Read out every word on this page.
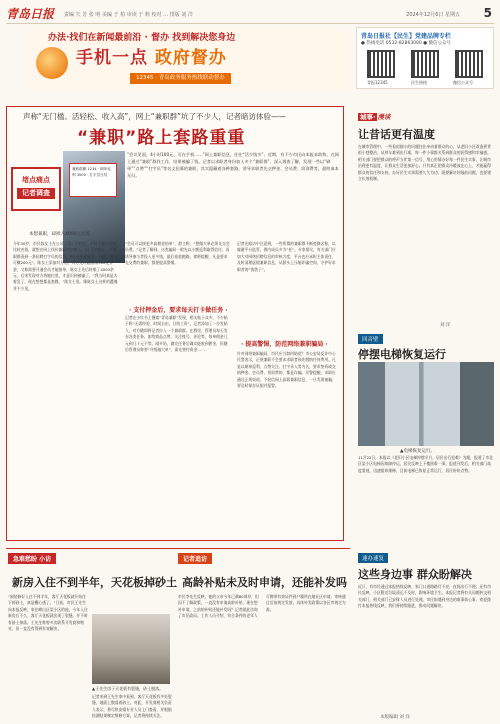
青岛日报 责编 矢 芳 张 明 美编 于 柏 审读 于 莉 校对 … 排版 刘 洋	2024年12月6日 星期五 5
办法·找们在新闻最前沿 · 督办 找到解决您身边
手机一点 政府督办
12345 · 青岛政务服务热线联动督办
青岛日报社【民生】党建品牌专栏
● 热线电话 0532-82863000 ● 微信公众号
青报12345	民生热线	微信公众号
声称“无门槛、活轻松、收入高”，网上“兼职群”坑了不少人，记者暗访体验——
“兼职”路上套路重重
兼职群聊 1234 · 刷单返利 3000 · 打字员日结
堵点痛点
记者调查
“会议见面，4小时100元，可在手机……”网上兼职信息，往往“活少钱多”。近期，有不少市民向本报求助称，在网上通过“兼职”群找工作，结果被骗了钱。记者以求职者身份加入多个“兼职群”，深入调查了解，发现一些以“刷单”“点赞”“打字员”等名义招募的兼职，其实隐藏着各种套路，诱导求职者先交押金、会员费、培训费等，最终血本无归。
本想兼职，却掉入4000元大坑
今年30岁，市民陈女士在公司上班工作稳定，平时下班后时间比较充裕，就想在网上找份兼职增加收入。11月初她在一个兼职群看到一条招聘打字员的信息，称“在家就能做，日结，每天可赚200元”。陈女士添加对方后，对方先让她缴纳300元押金，又称需要开通会员才能接单，陈女士先后转账了4000余元，后来发现对方将她拉黑，才意识到被骗了。“我当时真是太着急了，现在想想都是套路。”陈女士说。像陈女士这样的遭遇并不少见。
“会员可以接更多高佣金的单”，群主称，“想做大单必须先交会员费。”记者了解到，这类骗局一般先以小额返利取得信任，再诱导参与者投入更多钱，最后卷款跑路。律师提醒，凡是要求先交费的兼职，都要提高警惕。
· 支付押金后，要求每天打卡做任务 ·
记者在小红书上搜索“青岛兼职”发现，相关帖子众多，不少帖子称“无需经验，时间自由，日结工资”。记者添加了一位发帖人，对方随即将记者拉入一个兼职群。在群里，管理员每天发布各类任务，如给商品点赞、关注账号、评论等，每单佣金几元到几十元不等。刚开始，做完任务后确实能收到佣金，但随后管理员称要“升级做大单”，需先垫付资金……
记者在暗访中注意到，一些所谓的兼职群不断变换名称，以躲避平台监管，群内成员多为“托”。专家建议，有关部门应加大对网络招聘信息的审核力度，平台也应承担主体责任，及时清理虚假兼职信息，从源头上压缩诈骗空间，守护好求职者的“钱袋子”。
· 提高警惕，防范网络兼职骗局 ·
针对网络兼职骗局，市民应当如何防范？市公安局反诈中心民警表示，正规兼职不会要求求职者预先缴纳任何费用。凡是以刷单返利、点赞关注、打字录入等为名，要求垫资或交纳押金、会员费、培训费的，都是诈骗。民警提醒，求职应通过正规渠道，不轻信网上高薪兼职信息，一旦发现被骗，要及时保存证据并报警。
城事· 漫谈
让昔话更有温度
在城市管理中，一些看似细小的问题往往牵动着群众的心。从老旧小区改造到背街小巷整治，从停车难到出行难，每一件小事都关系到群众的获得感和幸福感。相关部门要把群众的呼声当作第一信号，用心用情办好每一件民生实事，让城市治理更有温度，让群众生活更加舒心。只有真正把群众冷暖放在心上，才能赢得群众的信任和支持。办好民生实事需要久久为功，既要解决好眼前问题，也要建立长效机制。
刘 洋
回音壁
停摆电梯恢复运行
▲电梯恢复运行。
11月22日，本报以《老旧小区电梯停摆半月，居民出行犯难》为题，报道了市北区某小区电梯因故障停运，居民反映上下楼困难一事。报道刊发后，相关部门高度重视，迅速组织维修，目前电梯已恢复正常运行，居民纷纷点赞。
速办速复
这些身边事 群众盼解决
近日，有市民通过本报热线反映，家门口道路路灯不亮，夜间出行不便；还有市民反映，小区附近垃圾清运不及时，影响环境卫生。本报记者将有关问题转交相关部门，相关部门已安排人员进行处理。市民如遇到身边的难事烦心事，欢迎拨打本报热线反映，我们将持续跟进，推动问题解决。
急难愁盼 小访
新房入住不到半年，天花板掉砂土
“刚装修好入住不到半年，客厅天花板就开始往下掉砂土，真是糟心透了。”日前，市民王先生向本报反映，家住崂山区某小区的他，今年入住新房后不久，客厅天花板就出现了裂缝，并不时有砂土掉落。王先生称曾多次联系开发商和物业，但一直没有得到有效解决。
▲王先生房子天花板有裂缝，砂土脱落。
记者来到王先生家中看到，客厅天花板有多处裂缝，地面上散落着砂土。对此，开发商相关负责人表示，将尽快安排专业人员上门查看，并根据检测结果制定维修方案。记者将持续关注。
记者追访
高龄补贴未及时申请，还能补发吗
市民李先生反映，他的父亲今年已满80周岁，但因不了解政策，一直没有申请高龄补贴，现在想补申请，之前的补贴还能补发吗？记者就此咨询了市民政局。工作人员介绍，符合条件的老年人可携带有效证件到户籍所在地社区申请，审核通过后按规定发放，具体补发政策以各区市规定为准。
本版编辑 刘 洋
